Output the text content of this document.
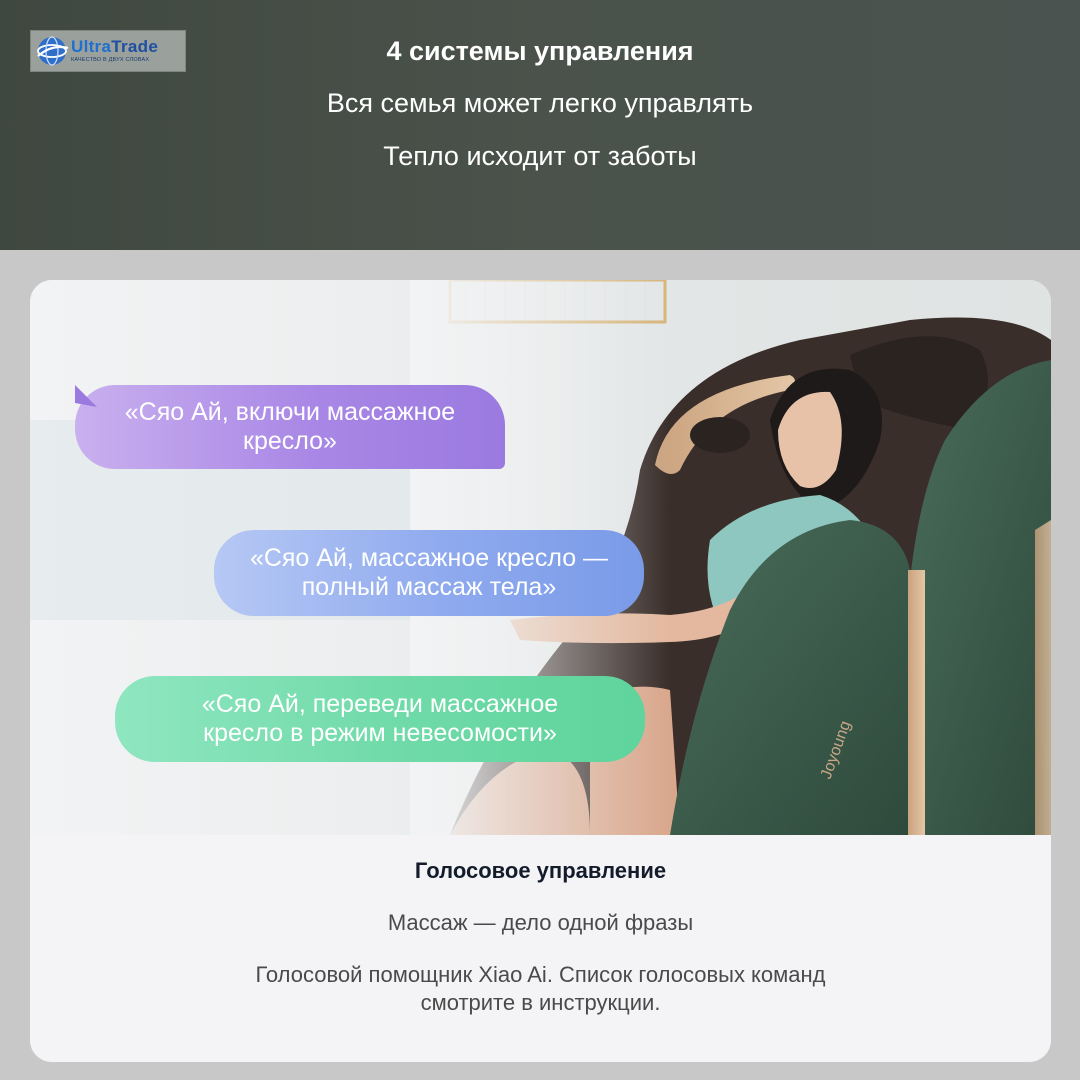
UltraTrade
КАЧЕСТВО В ДВУХ СЛОВАХ	4 системы управления
Вся семья может легко управлять
Тепло исходит от заботы
Joyoung
«Сяо Ай, включи массажное кресло»
«Сяо Ай, массажное кресло — полный массаж тела»
«Сяо Ай, переведи массажное кресло в режим невесомости»
Голосовое управление
Массаж — дело одной фразы
Голосовой помощник Xiao Ai. Список голосовых команд смотрите в инструкции.
